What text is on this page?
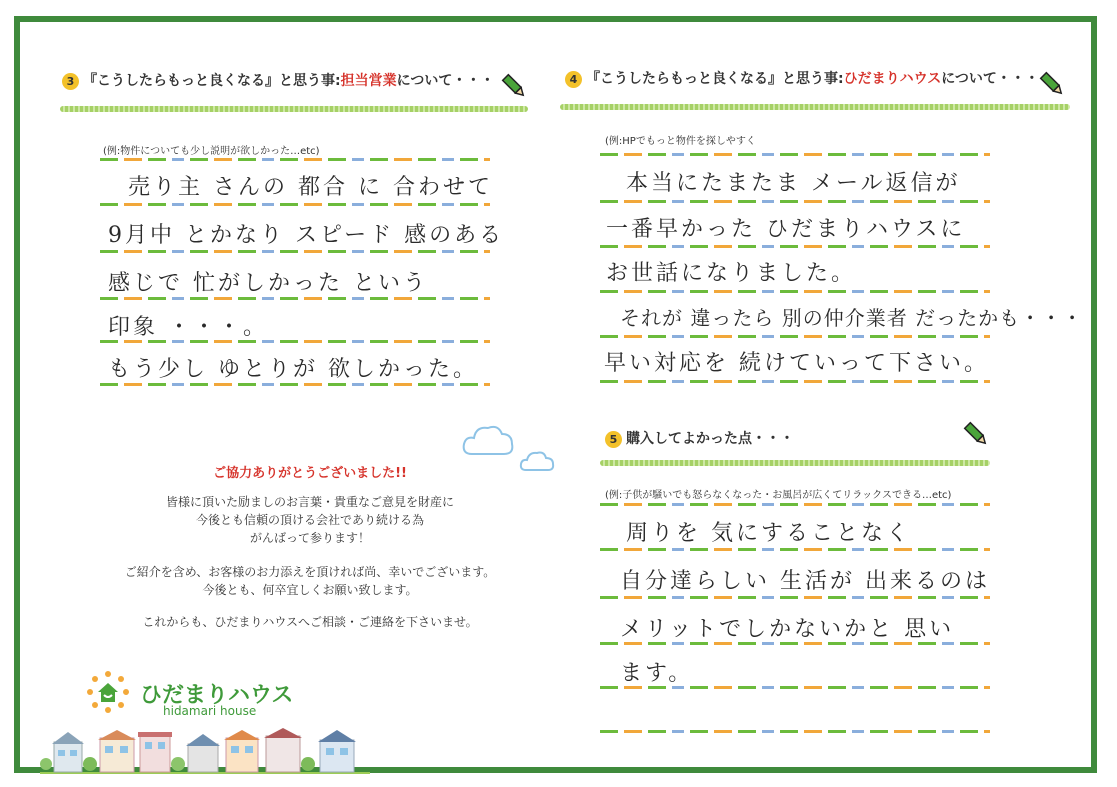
3 『こうしたらもっと良くなる』と思う事:担当営業について・・・
(例:物件についても少し説明が欲しかった…etc)
売り主 さんの 都合 に 合わせて
9月中 とかなり スピード 感のある
感じで 忙がしかった という
印象 ・・・。
もう少し ゆとりが 欲しかった。
4 『こうしたらもっと良くなる』と思う事:ひだまりハウスについて・・・
(例:HPでもっと物件を探しやすく
本当にたまたま メール返信が
一番早かった ひだまりハウスに
お世話になりました。
それが 違ったら 別の仲介業者 だったかも・・・
早い対応を 続けていって下さい。
5 購入してよかった点・・・
(例:子供が騒いでも怒らなくなった・お風呂が広くてリラックスできる…etc)
周りを 気にすることなく
自分達らしい 生活が 出来るのは
メリットでしかないかと 思い
ます。
ご協力ありがとうございました!!
皆様に頂いた励ましのお言葉・貴重なご意見を財産に
今後とも信頼の頂ける会社であり続ける為
がんばって参ります！
ご紹介を含め、お客様のお力添えを頂ければ尚、幸いでございます。
今後とも、何卒宜しくお願い致します。
これからも、ひだまりハウスへご相談・ご連絡を下さいませ。
ひだまりハウス
hidamari house
